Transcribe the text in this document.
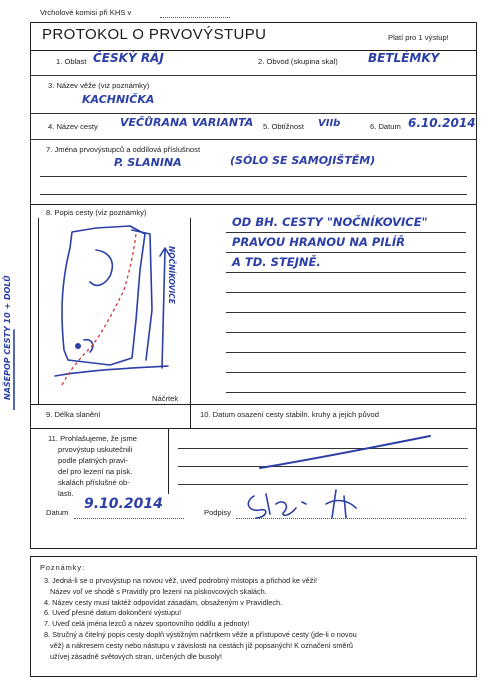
Vrcholové komisi při KHS v
PROTOKOL O PRVOVÝSTUPU	Platí pro 1 výstup!
1. Oblast ČESKÝ RÁJ	2. Obvod (skupina skal)	BETLÉMKY
3. Název věže (viz poznámky)
KACHNIČKA
4. Název cesty VEČŮRANA VARIANTA 5. Obtížnost VIIb	6. Datum 6.10.2014
7. Jména prvovýstupců a oddílová příslušnost
P. SLANINA	(SÓLO SE SAMOJIŠTĚM)
8. Popis cesty (viz poznámky)
Náčrtek
NAŠEPOP CESTY 10 + DOLŮ
NOČNÍKOVICE
OD BH. CESTY "NOČNÍKOVICE"
PRAVOU HRANOU NA PILÍŘ
A TD. STEJNĚ.
9. Délka slanění	10. Datum osazení cesty stabiln. kruhy a jejich původ
11. Prohlašujeme, že jsme
prvovýstup uskutečnili
podle platných pravi-
del pro lezení na písk.
skalách příslušné ob-
lasti.
Datum
9.10.2014
Podpisy
Poznámky:
3. Jedná-li se o prvovýstup na novou věž, uveď podrobný místopis a přichod ke věži!
Název voľ ve shodě s Pravidly pro lezení na pískovcových skalách.
4. Název cesty musí taktéž odpovídat zásadám, obsaženým v Pravidlech.
6. Uveď přesné datum dokončení výstupu!
7. Uveď celá jména lezců a název sportovního oddílu a jednoty!
8. Stručný a čitelný popis cesty doplň výstižným náčrtkem věže a přístupové cesty (jde-li o novou
věž) a nákresem cesty nebo nástupu v závislosti na cestách již popsaných! K označení směrů
užívej zásadně světových stran, určených dle busoly!
